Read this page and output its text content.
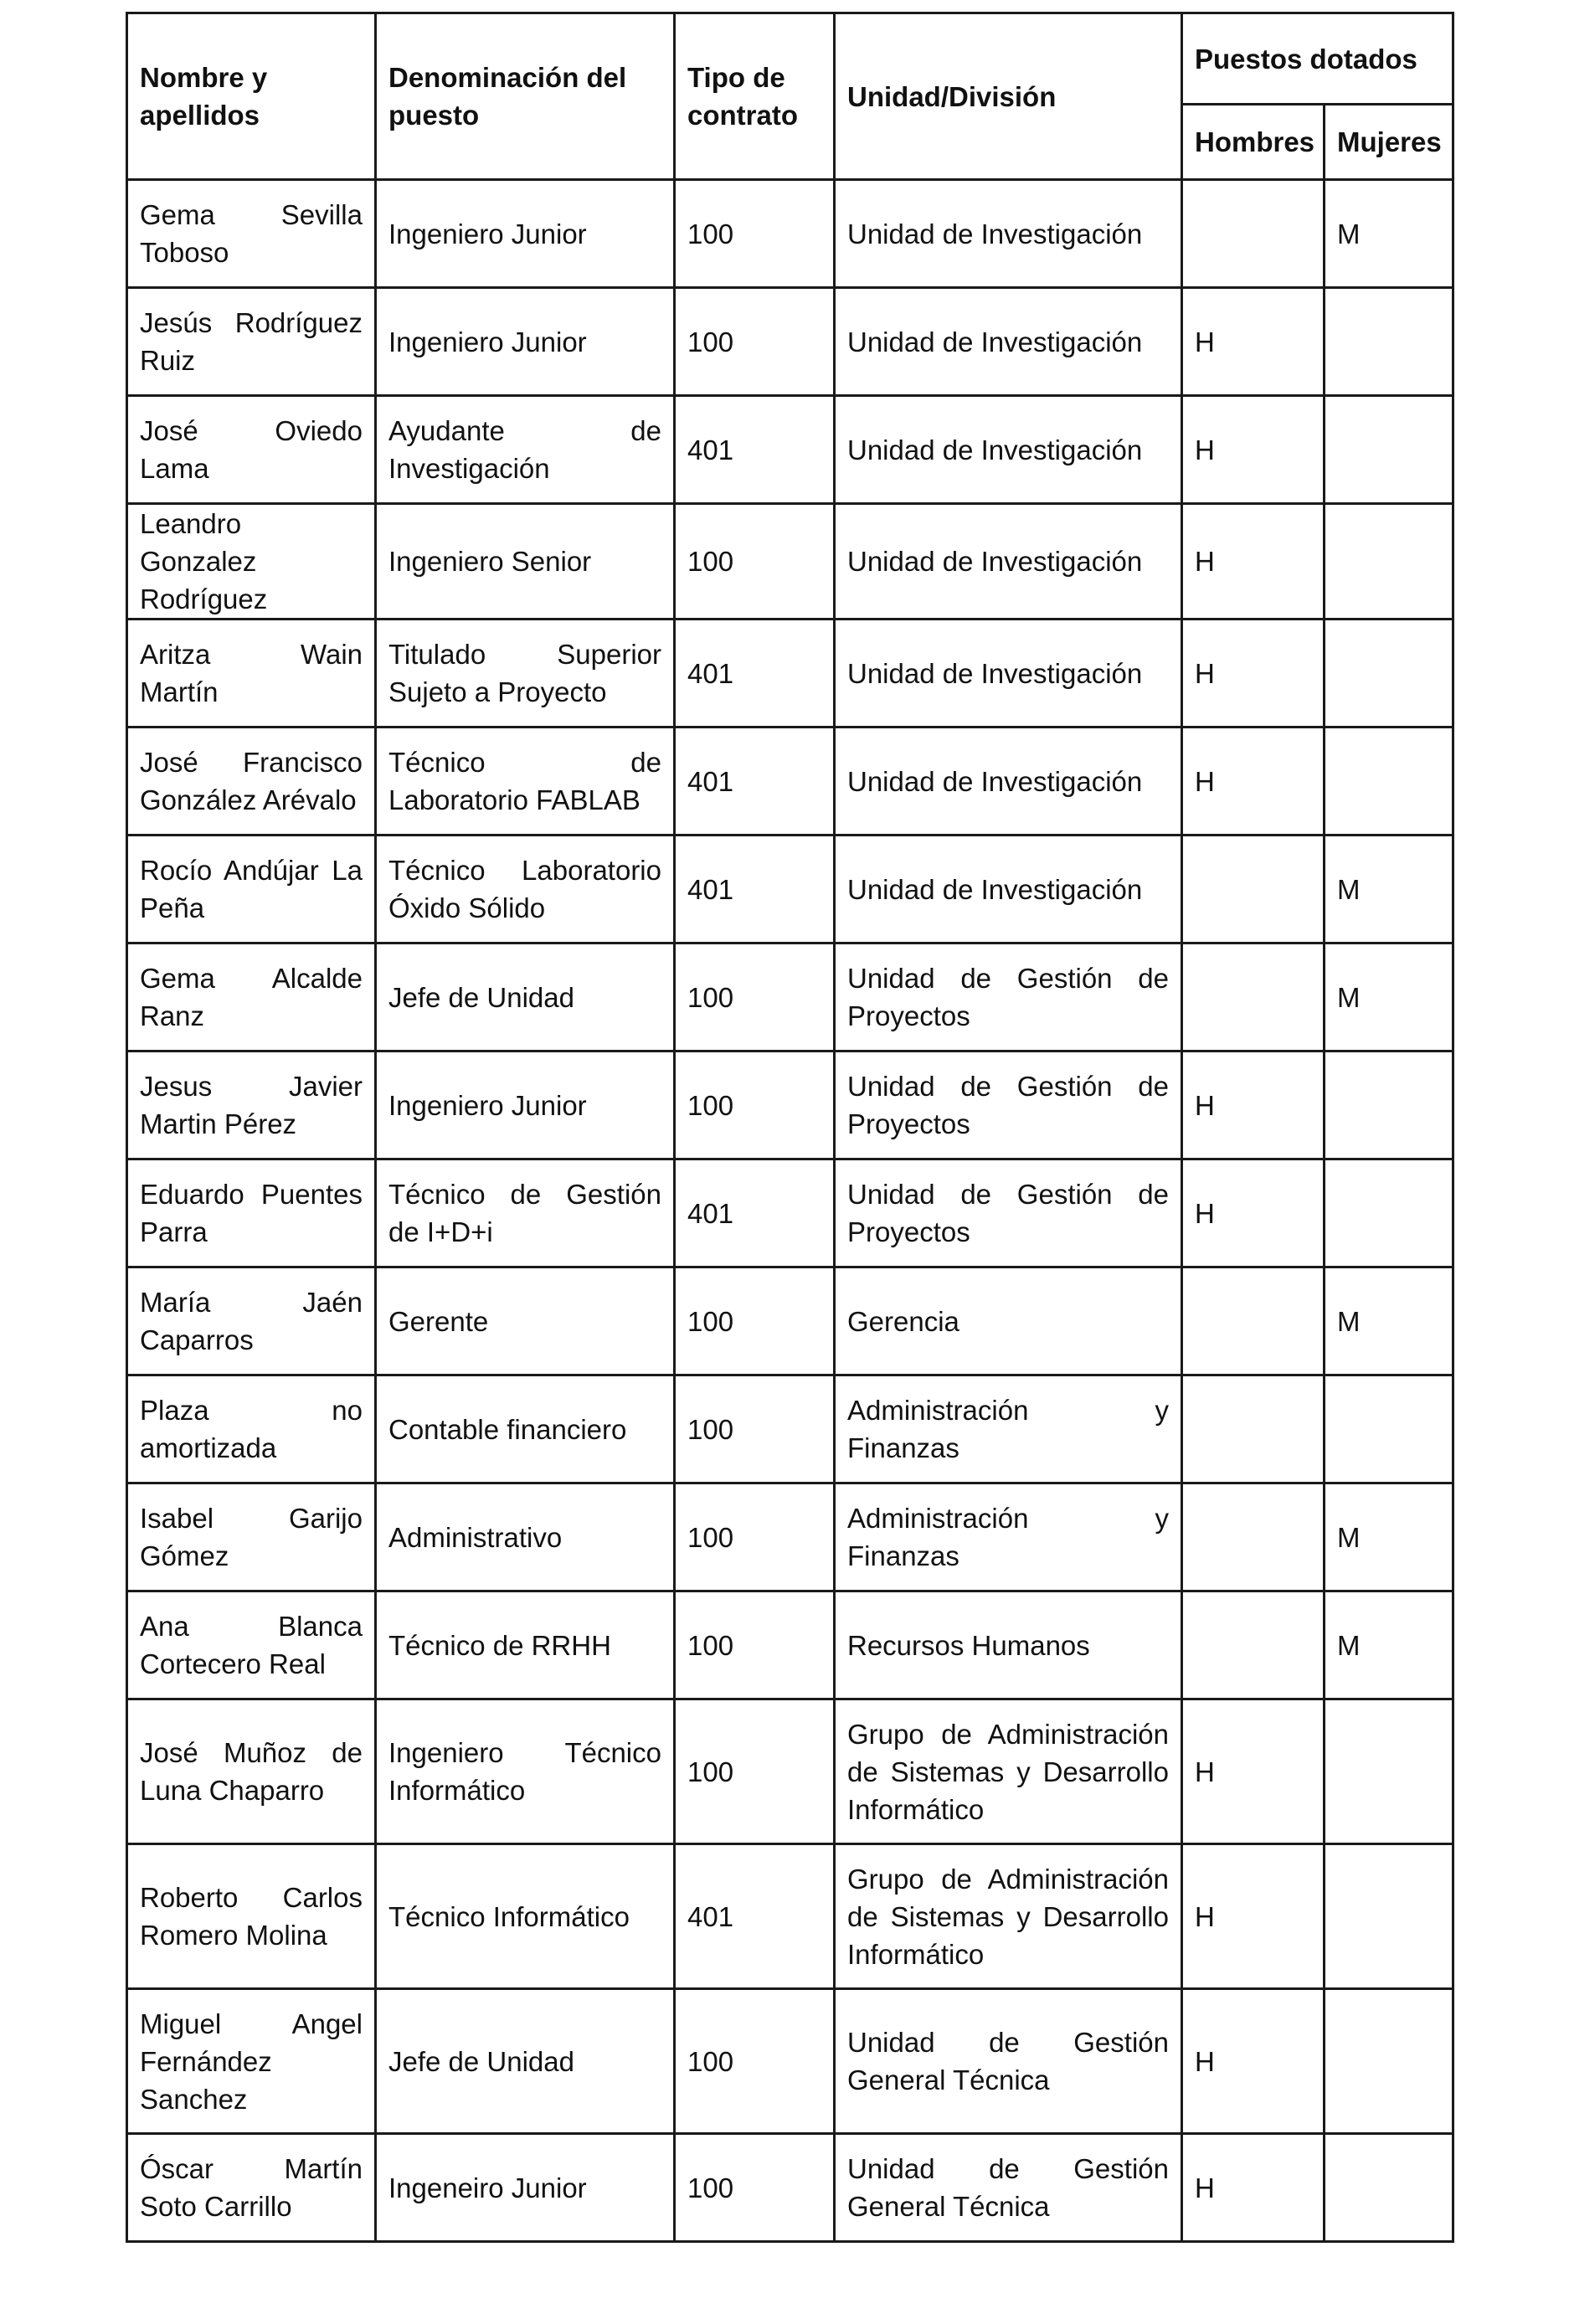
Nombre y apellidos	Denominación del puesto	Tipo de contrato	Unidad/División	Puestos dotados	
				Hombres	Mujeres
Gema Sevilla Toboso	Ingeniero Junior	100	Unidad de Investigación		M
Jesús Rodríguez Ruiz	Ingeniero Junior	100	Unidad de Investigación	H	
José Oviedo Lama	Ayudante de Investigación	401	Unidad de Investigación	H	
Leandro Gonzalez Rodríguez	Ingeniero Senior	100	Unidad de Investigación	H	
Aritza Wain Martín	Titulado Superior Sujeto a Proyecto	401	Unidad de Investigación	H	
José Francisco González Arévalo	Técnico de Laboratorio FABLAB	401	Unidad de Investigación	H	
Rocío Andújar La Peña	Técnico Laboratorio Óxido Sólido	401	Unidad de Investigación		M
Gema Alcalde Ranz	Jefe de Unidad	100	Unidad de Gestión de Proyectos		M
Jesus Javier Martin Pérez	Ingeniero Junior	100	Unidad de Gestión de Proyectos	H	
Eduardo Puentes Parra	Técnico de Gestión de I+D+i	401	Unidad de Gestión de Proyectos	H	
María Jaén Caparros	Gerente	100	Gerencia		M
Plaza no amortizada	Contable financiero	100	Administración y Finanzas		
Isabel Garijo Gómez	Administrativo	100	Administración y Finanzas		M
Ana Blanca Cortecero Real	Técnico de RRHH	100	Recursos Humanos		M
José Muñoz de Luna Chaparro	Ingeniero Técnico Informático	100	Grupo de Administración de Sistemas y Desarrollo Informático	H	
Roberto Carlos Romero Molina	Técnico Informático	401	Grupo de Administración de Sistemas y Desarrollo Informático	H	
Miguel Angel Fernández Sanchez	Jefe de Unidad	100	Unidad de Gestión General Técnica	H	
Óscar Martín Soto Carrillo	Ingeneiro Junior	100	Unidad de Gestión General Técnica	H	
